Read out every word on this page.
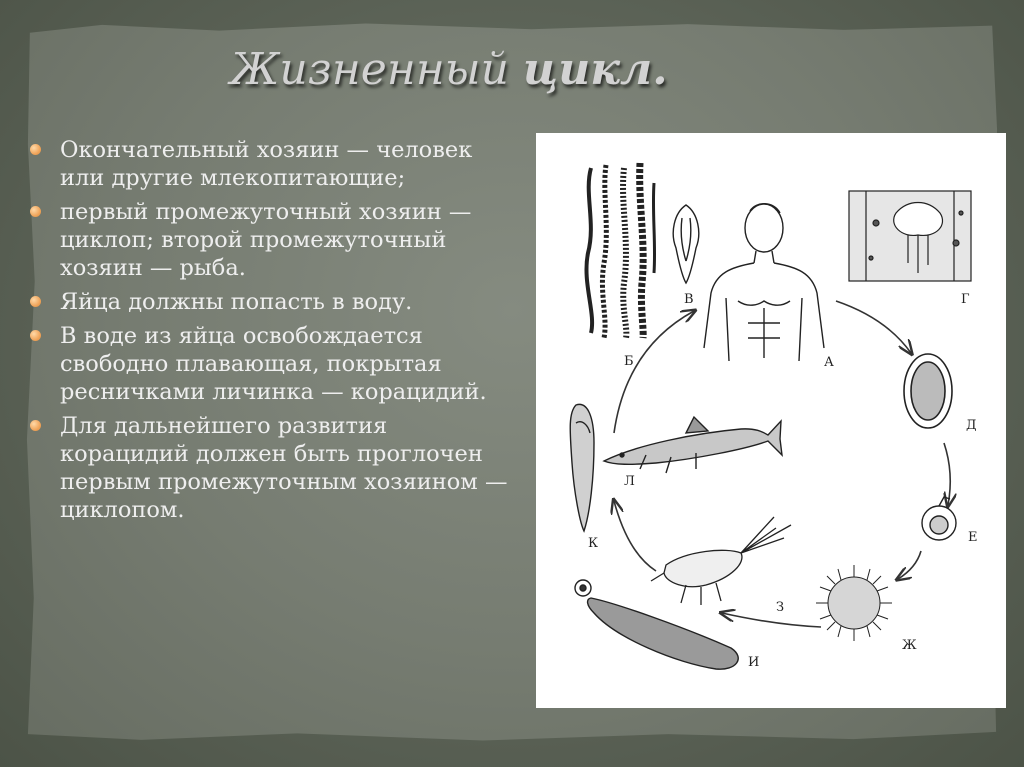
Жизненный цикл.
Окончательный хозяин — человек или другие млекопитающие;
первый промежуточный хозяин — циклоп; второй промежуточный хозяин — рыба.
Яйца должны попасть в воду.
В воде из яйца освобождается свободно плавающая, покрытая ресничками личинка — корацидий.
Для дальнейшего развития корацидий должен быть проглочен первым промежуточным хозяином — циклопом.
Б
В
А
Г
Д
Е
Ж
З
И
К
Л
